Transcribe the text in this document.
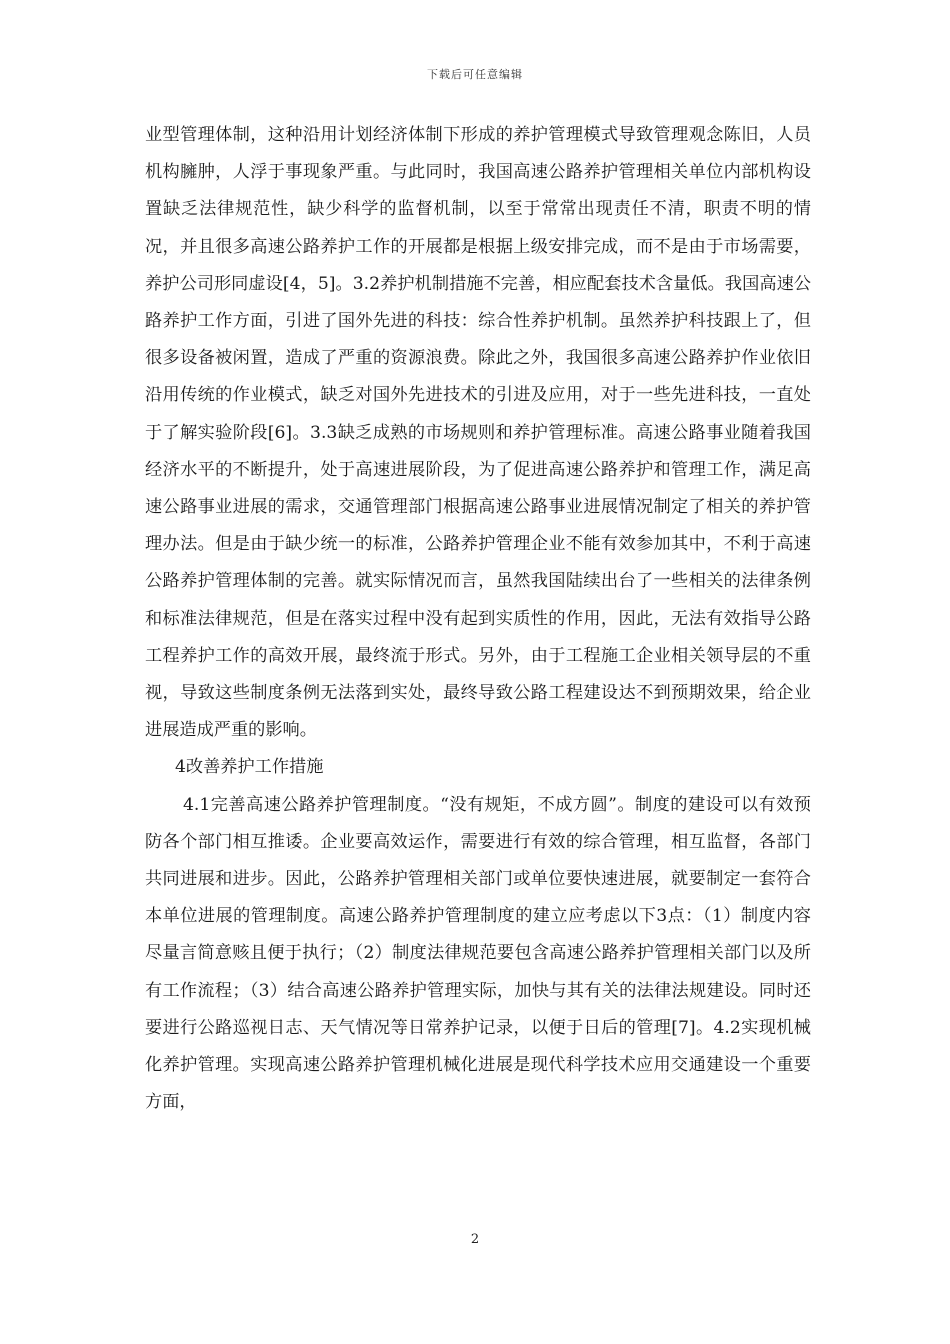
下载后可任意编辑

业型管理体制，这种沿用计划经济体制下形成的养护管理模式导致管理观念陈旧，人员机构臃肿，人浮于事现象严重。与此同时，我国高速公路养护管理相关单位内部机构设置缺乏法律规范性，缺少科学的监督机制，以至于常常出现责任不清，职责不明的情况，并且很多高速公路养护工作的开展都是根据上级安排完成，而不是由于市场需要，养护公司形同虚设[4，5]。3.2养护机制措施不完善，相应配套技术含量低。我国高速公路养护工作方面，引进了国外先进的科技：综合性养护机制。虽然养护科技跟上了，但很多设备被闲置，造成了严重的资源浪费。除此之外，我国很多高速公路养护作业依旧沿用传统的作业模式，缺乏对国外先进技术的引进及应用，对于一些先进科技，一直处于了解实验阶段[6]。3.3缺乏成熟的市场规则和养护管理标准。高速公路事业随着我国经济水平的不断提升，处于高速进展阶段，为了促进高速公路养护和管理工作，满足高速公路事业进展的需求，交通管理部门根据高速公路事业进展情况制定了相关的养护管理办法。但是由于缺少统一的标准，公路养护管理企业不能有效参加其中，不利于高速公路养护管理体制的完善。就实际情况而言，虽然我国陆续出台了一些相关的法律条例和标准法律规范，但是在落实过程中没有起到实质性的作用，因此，无法有效指导公路工程养护工作的高效开展，最终流于形式。另外，由于工程施工企业相关领导层的不重视，导致这些制度条例无法落到实处，最终导致公路工程建设达不到预期效果，给企业进展造成严重的影响。

4改善养护工作措施

4.1完善高速公路养护管理制度。“没有规矩，不成方圆”。制度的建设可以有效预防各个部门相互推诿。企业要高效运作，需要进行有效的综合管理，相互监督，各部门共同进展和进步。因此，公路养护管理相关部门或单位要快速进展，就要制定一套符合本单位进展的管理制度。高速公路养护管理制度的建立应考虑以下3点：（1）制度内容尽量言简意赅且便于执行；（2）制度法律规范要包含高速公路养护管理相关部门以及所有工作流程；（3）结合高速公路养护管理实际，加快与其有关的法律法规建设。同时还要进行公路巡视日志、天气情况等日常养护记录，以便于日后的管理[7]。4.2实现机械化养护管理。实现高速公路养护管理机械化进展是现代科学技术应用交通建设一个重要方面，

2
